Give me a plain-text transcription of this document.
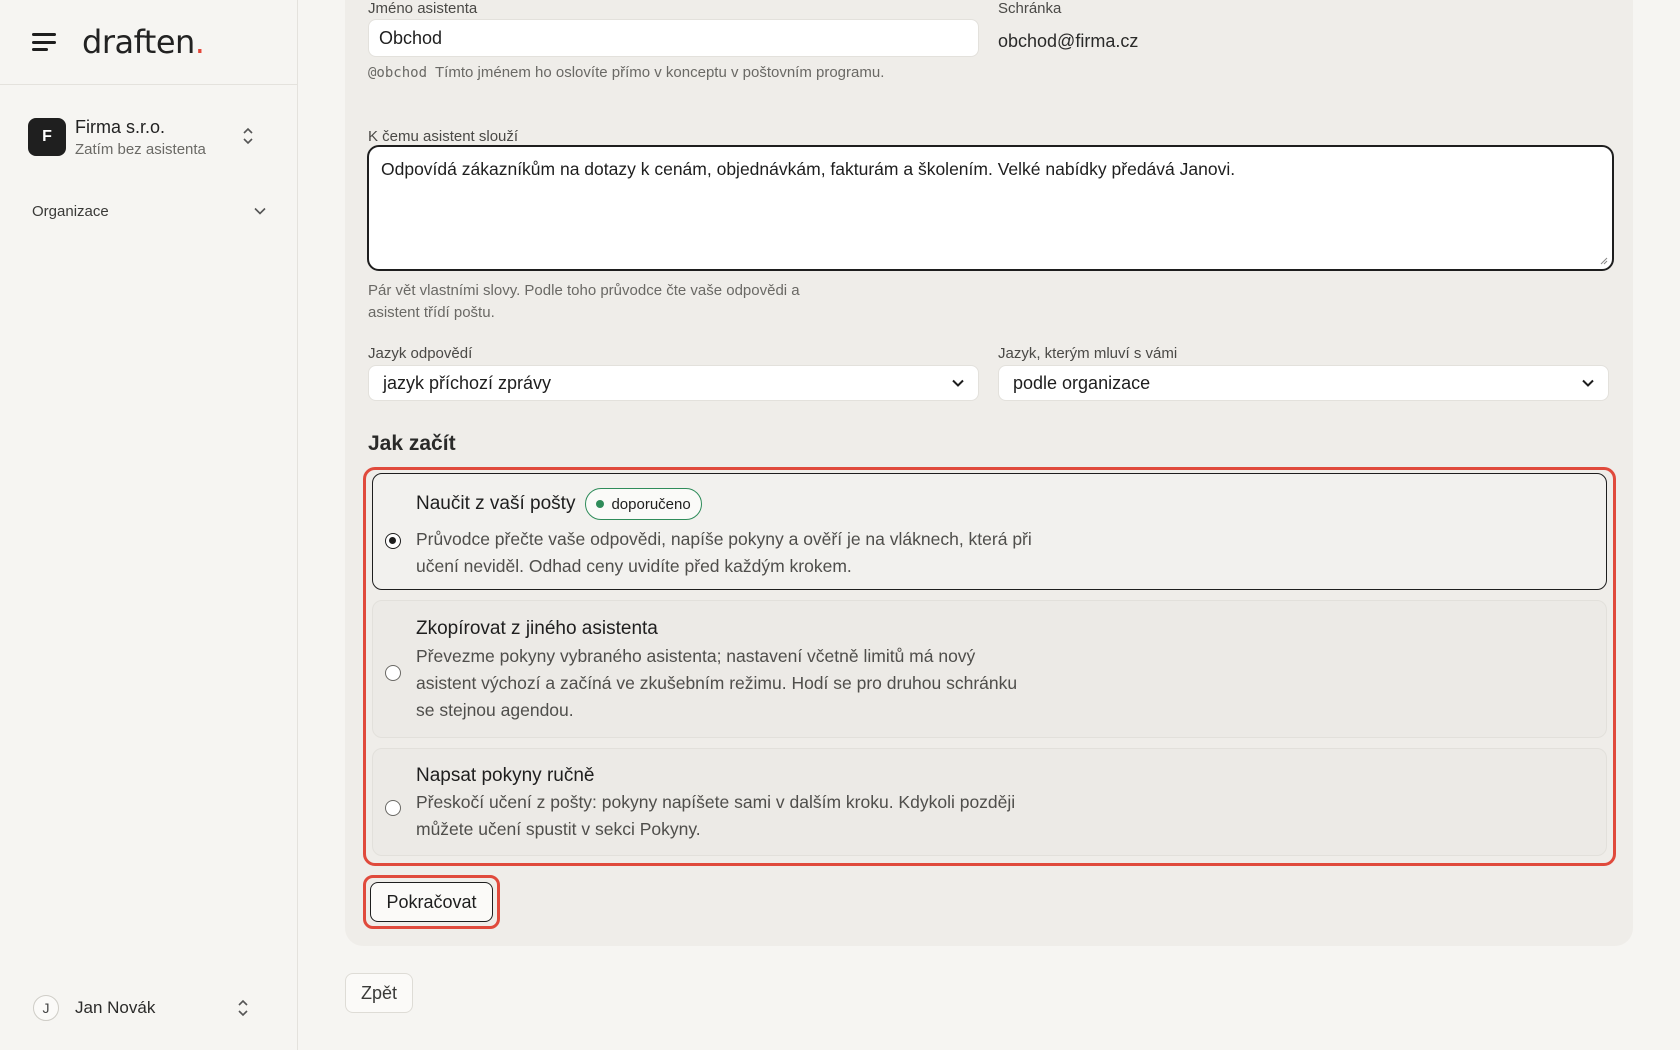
draften.
F	Firma s.r.o.
Zatím bez asistenta
Organizace
J	Jan Novák
Jméno asistenta
Obchod
@obchod Tímto jménem ho oslovíte přímo v konceptu v poštovním programu.
Schránka
obchod@firma.cz
K čemu asistent slouží
Odpovídá zákazníkům na dotazy k cenám, objednávkám, fakturám a školením. Velké nabídky předává Janovi.
Pár vět vlastními slovy. Podle toho průvodce čte vaše odpovědi a asistent třídí poštu.
Jazyk odpovědí
jazyk příchozí zprávy
Jazyk, kterým mluví s vámi
podle organizace
Jak začít
Naučit z vaší pošty doporučeno
Průvodce přečte vaše odpovědi, napíše pokyny a ověří je na vláknech, která při učení neviděl. Odhad ceny uvidíte před každým krokem.
Zkopírovat z jiného asistenta
Převezme pokyny vybraného asistenta; nastavení včetně limitů má nový asistent výchozí a začíná ve zkušebním režimu. Hodí se pro druhou schránku se stejnou agendou.
Napsat pokyny ručně
Přeskočí učení z pošty: pokyny napíšete sami v dalším kroku. Kdykoli později můžete učení spustit v sekci Pokyny.
Pokračovat
Zpět
